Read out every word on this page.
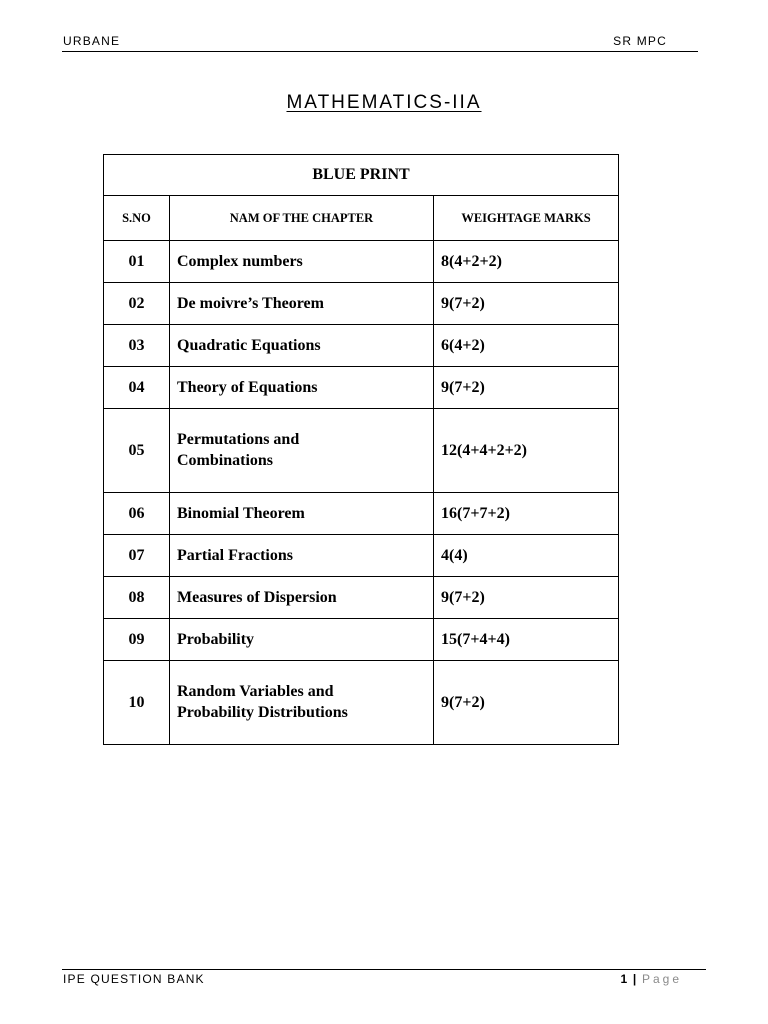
URBANE	SR MPC
MATHEMATICS-IIA
BLUE PRINT		
S.NO	NAM OF THE CHAPTER	WEIGHTAGE MARKS
01	Complex numbers	8(4+2+2)
02	De moivre’s Theorem	9(7+2)
03	Quadratic Equations	6(4+2)
04	Theory of Equations	9(7+2)
05	Permutations and
Combinations	12(4+4+2+2)
06	Binomial Theorem	16(7+7+2)
07	Partial Fractions	4(4)
08	Measures of Dispersion	9(7+2)
09	Probability	15(7+4+4)
10	Random Variables and
Probability Distributions	9(7+2)
IPE QUESTION BANK	1 | Page
